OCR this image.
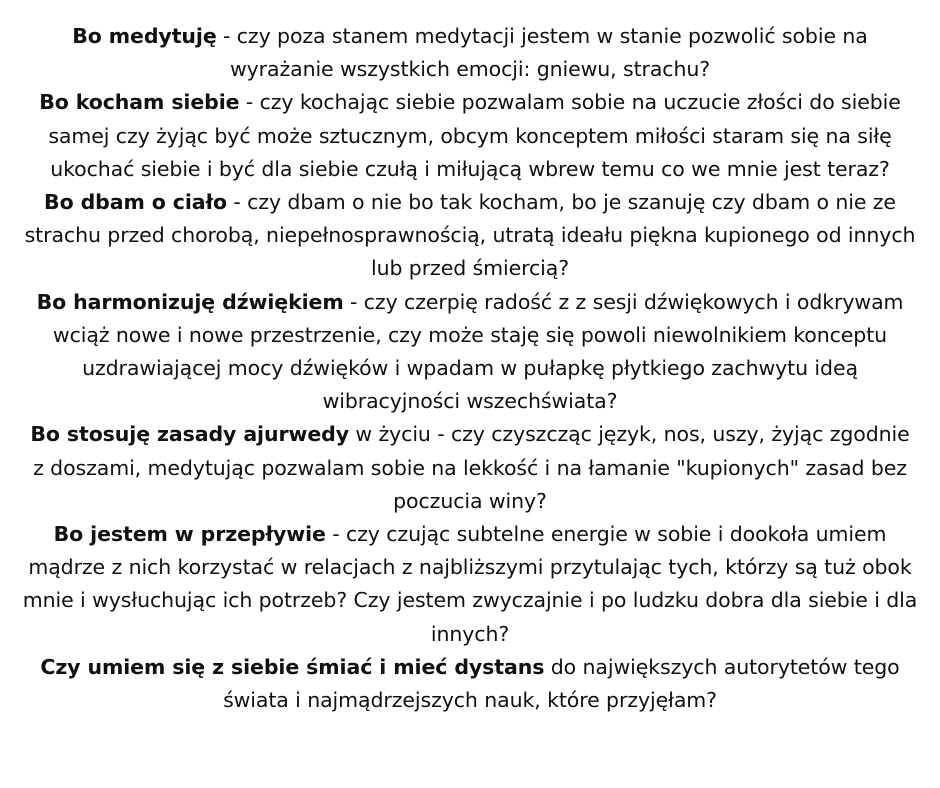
Bo medytuję - czy poza stanem medytacji jestem w stanie pozwolić sobie na wyrażanie wszystkich emocji: gniewu, strachu?

Bo kocham siebie - czy kochając siebie pozwalam sobie na uczucie złości do siebie samej czy żyjąc być może sztucznym, obcym konceptem miłości staram się na siłę ukochać siebie i być dla siebie czułą i miłującą wbrew temu co we mnie jest teraz?

Bo dbam o ciało - czy dbam o nie bo tak kocham, bo je szanuję czy dbam o nie ze strachu przed chorobą, niepełnosprawnością, utratą ideału piękna kupionego od innych lub przed śmiercią?

Bo harmonizuję dźwiękiem - czy czerpię radość z z sesji dźwiękowych i odkrywam wciąż nowe i nowe przestrzenie, czy może staję się powoli niewolnikiem konceptu uzdrawiającej mocy dźwięków i wpadam w pułapkę płytkiego zachwytu ideą wibracyjności wszechświata?

Bo stosuję zasady ajurwedy w życiu - czy czyszcząc język, nos, uszy, żyjąc zgodnie z doszami, medytując pozwalam sobie na lekkość i na łamanie "kupionych" zasad bez poczucia winy?

Bo jestem w przepływie - czy czując subtelne energie w sobie i dookoła umiem mądrze z nich korzystać w relacjach z najbliższymi przytulając tych, którzy są tuż obok mnie i wysłuchując ich potrzeb? Czy jestem zwyczajnie i po ludzku dobra dla siebie i dla innych?

Czy umiem się z siebie śmiać i mieć dystans do największych autorytetów tego świata i najmądrzejszych nauk, które przyjęłam?
